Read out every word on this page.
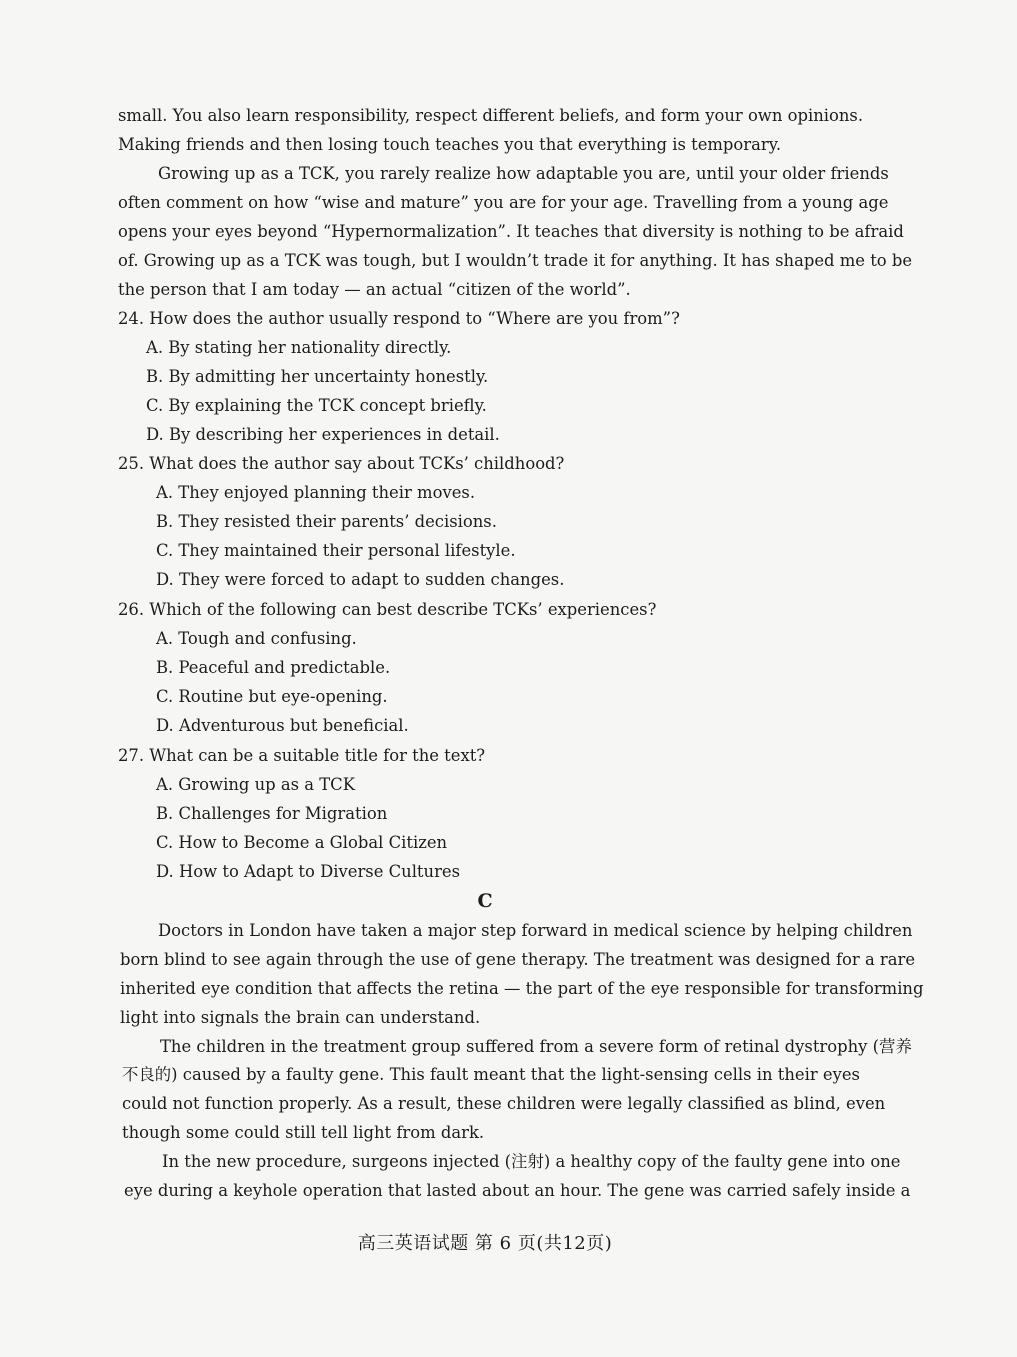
small. You also learn responsibility, respect different beliefs, and form your own opinions.
Making friends and then losing touch teaches you that everything is temporary.
Growing up as a TCK, you rarely realize how adaptable you are, until your older friends
often comment on how “wise and mature” you are for your age. Travelling from a young age
opens your eyes beyond “Hypernormalization”. It teaches that diversity is nothing to be afraid
of. Growing up as a TCK was tough, but I wouldn’t trade it for anything. It has shaped me to be
the person that I am today — an actual “citizen of the world”.
24. How does the author usually respond to “Where are you from”?
A. By stating her nationality directly.
B. By admitting her uncertainty honestly.
C. By explaining the TCK concept briefly.
D. By describing her experiences in detail.
25. What does the author say about TCKs’ childhood?
A. They enjoyed planning their moves.
B. They resisted their parents’ decisions.
C. They maintained their personal lifestyle.
D. They were forced to adapt to sudden changes.
26. Which of the following can best describe TCKs’ experiences?
A. Tough and confusing.
B. Peaceful and predictable.
C. Routine but eye-opening.
D. Adventurous but beneficial.
27. What can be a suitable title for the text?
A. Growing up as a TCK
B. Challenges for Migration
C. How to Become a Global Citizen
D. How to Adapt to Diverse Cultures
C
Doctors in London have taken a major step forward in medical science by helping children
born blind to see again through the use of gene therapy. The treatment was designed for a rare
inherited eye condition that affects the retina — the part of the eye responsible for transforming
light into signals the brain can understand.
The children in the treatment group suffered from a severe form of retinal dystrophy (营养
不良的) caused by a faulty gene. This fault meant that the light-sensing cells in their eyes
could not function properly. As a result, these children were legally classified as blind, even
though some could still tell light from dark.
In the new procedure, surgeons injected (注射) a healthy copy of the faulty gene into one
eye during a keyhole operation that lasted about an hour. The gene was carried safely inside a
高三英语试题 第 6 页(共12页)
